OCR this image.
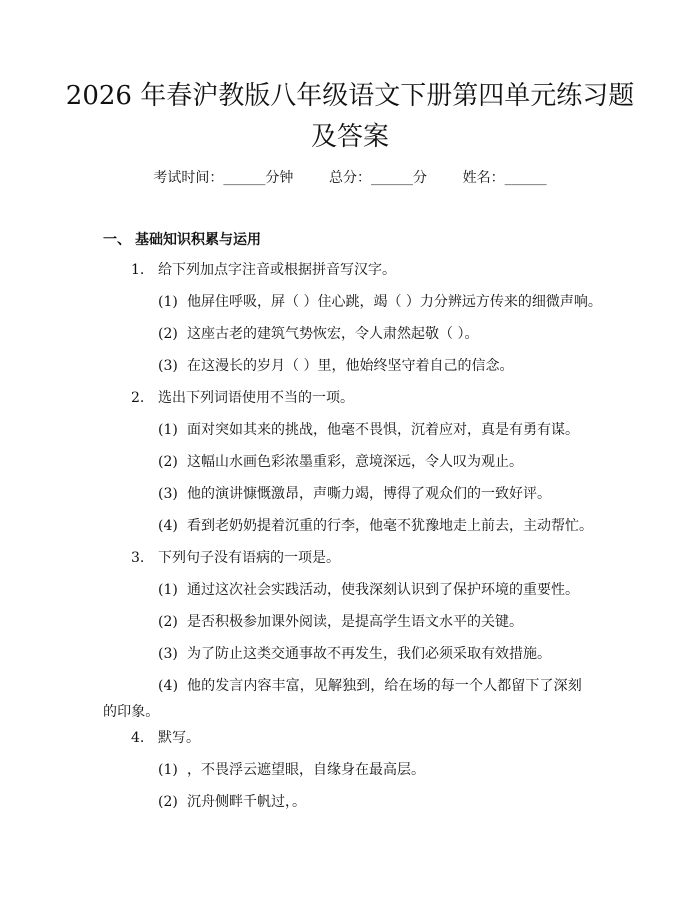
2026 年春沪教版八年级语文下册第四单元练习题及答案
考试时间：______分钟	总分：______分	姓名：______
一、 基础知识积累与运用
1. 给下列加点字注音或根据拼音写汉字。
(1) 他屏住呼吸，屏（ ）住心跳，竭（ ）力分辨远方传来的细微声响。
(2) 这座古老的建筑气势恢宏，令人肃然起敬（ ）。
(3) 在这漫长的岁月（ ）里，他始终坚守着自己的信念。
2. 选出下列词语使用不当的一项。
(1) 面对突如其来的挑战，他毫不畏惧，沉着应对，真是有勇有谋。
(2) 这幅山水画色彩浓墨重彩，意境深远，令人叹为观止。
(3) 他的演讲慷慨激昂，声嘶力竭，博得了观众们的一致好评。
(4) 看到老奶奶提着沉重的行李，他毫不犹豫地走上前去，主动帮忙。
3. 下列句子没有语病的一项是。
(1) 通过这次社会实践活动，使我深刻认识到了保护环境的重要性。
(2) 是否积极参加课外阅读，是提高学生语文水平的关键。
(3) 为了防止这类交通事故不再发生，我们必须采取有效措施。
(4) 他的发言内容丰富，见解独到，给在场的每一个人都留下了深刻的印象。
4. 默写。
(1) ，不畏浮云遮望眼，自缘身在最高层。
(2) 沉舟侧畔千帆过，。
